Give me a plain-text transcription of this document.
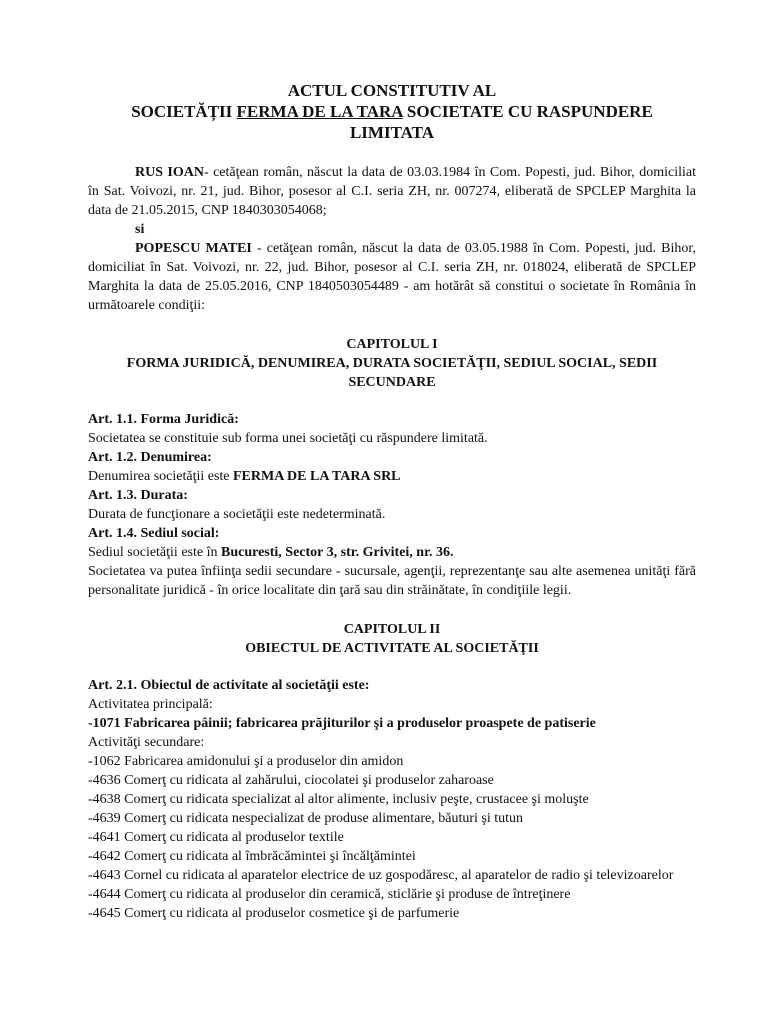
ACTUL CONSTITUTIV AL

SOCIETĂȚII FERMA DE LA TARA SOCIETATE CU RASPUNDERE

LIMITATA

RUS IOAN- cetăţean român, născut la data de 03.03.1984 în Com. Popesti, jud. Bihor, domiciliat în Sat. Voivozi, nr. 21, jud. Bihor, posesor al C.I. seria ZH, nr. 007274, eliberată de SPCLEP Marghita la data de 21.05.2015, CNP 1840303054068;

si

POPESCU MATEI - cetăţean român, născut la data de 03.05.1988 în Com. Popesti, jud. Bihor, domiciliat în Sat. Voivozi, nr. 22, jud. Bihor, posesor al C.I. seria ZH, nr. 018024, eliberată de SPCLEP Marghita la data de 25.05.2016, CNP 1840503054489 - am hotărât să constitui o societate în România în următoarele condiţii:

CAPITOLUL I

FORMA JURIDICĂ, DENUMIREA, DURATA SOCIETĂŢII, SEDIUL SOCIAL, SEDII SECUNDARE

Art. 1.1. Forma Juridică:

Societatea se constituie sub forma unei societăţi cu răspundere limitată.

Art. 1.2. Denumirea:

Denumirea societăţii este FERMA DE LA TARA SRL

Art. 1.3. Durata:

Durata de funcţionare a societăţii este nedeterminată.

Art. 1.4. Sediul social:

Sediul societăţii este în Bucuresti, Sector 3, str. Grivitei, nr. 36.

Societatea va putea înfiinţa sedii secundare - sucursale, agenţii, reprezentanţe sau alte asemenea unităţi fără personalitate juridică - în orice localitate din ţară sau din străinătate, în condiţiile legii.

CAPITOLUL II

OBIECTUL DE ACTIVITATE AL SOCIETĂŢII

Art. 2.1. Obiectul de activitate al societăţii este:

Activitatea principală:

-1071 Fabricarea pâinii; fabricarea prăjiturilor şi a produselor proaspete de patiserie

Activităţi secundare:

-1062 Fabricarea amidonului şi a produselor din amidon

-4636 Comerţ cu ridicata al zahărului, ciocolatei şi produselor zaharoase

-4638 Comerţ cu ridicata specializat al altor alimente, inclusiv peşte, crustacee şi moluşte

-4639 Comerţ cu ridicata nespecializat de produse alimentare, băuturi şi tutun

-4641 Comerţ cu ridicata al produselor textile

-4642 Comerţ cu ridicata al îmbrăcămintei şi încălţămintei

-4643 Cornel cu ridicata al aparatelor electrice de uz gospodăresc, al aparatelor de radio şi televizoarelor

-4644 Comerţ cu ridicata al produselor din ceramică, sticlărie şi produse de întreţinere

-4645 Comerţ cu ridicata al produselor cosmetice şi de parfumerie
